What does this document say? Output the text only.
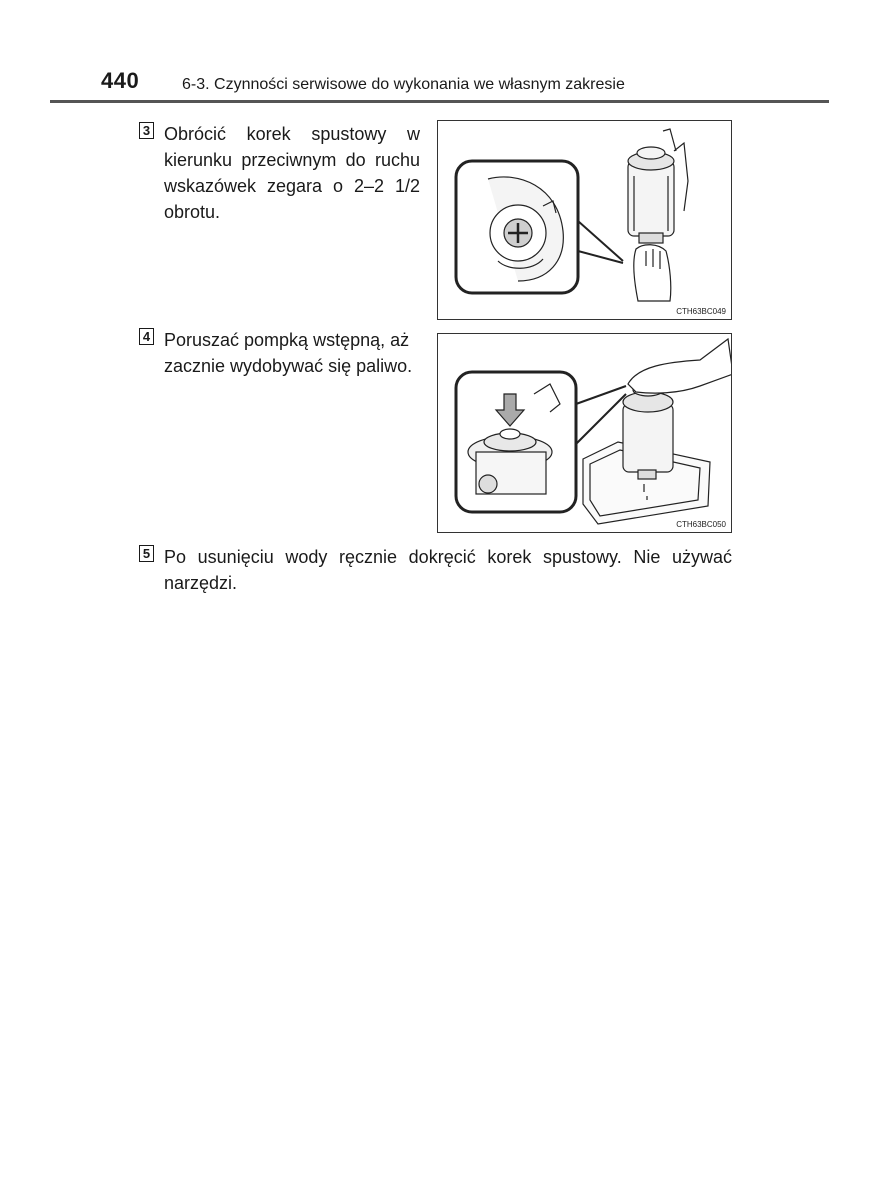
440	6-3. Czynności serwisowe do wykonania we własnym zakresie
3 Obrócić korek spustowy w kierunku przeciwnym do ruchu wskazówek zegara o 2–2 1/2 obrotu.
CTH63BC049
4 Poruszać pompką wstępną, aż zacznie wydobywać się paliwo.
CTH63BC050
5 Po usunięciu wody ręcznie dokręcić korek spustowy. Nie używać narzędzi.
